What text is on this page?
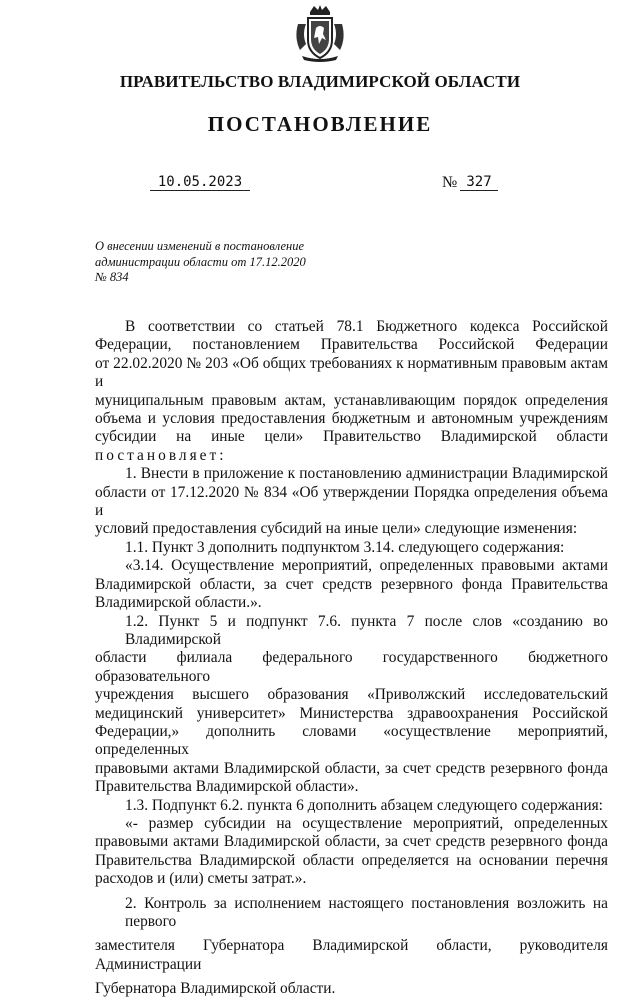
ПРАВИТЕЛЬСТВО ВЛАДИМИРСКОЙ ОБЛАСТИ
ПОСТАНОВЛЕНИЕ
10.05.2023	№ 327
О внесении изменений в постановление
администрации области от 17.12.2020
№ 834
В соответствии со статьей 78.1 Бюджетного кодекса Российской
Федерации, постановлением Правительства Российской Федерации
от 22.02.2020 № 203 «Об общих требованиях к нормативным правовым актам и
муниципальным правовым актам, устанавливающим порядок определения
объема и условия предоставления бюджетным и автономным учреждениям
субсидии на иные цели» Правительство Владимирской области
постановляет:
1. Внести в приложение к постановлению администрации Владимирской
области от 17.12.2020 № 834 «Об утверждении Порядка определения объема и
условий предоставления субсидий на иные цели» следующие изменения:
1.1. Пункт 3 дополнить подпунктом 3.14. следующего содержания:
«3.14. Осуществление мероприятий, определенных правовыми актами
Владимирской области, за счет средств резервного фонда Правительства
Владимирской области.».
1.2. Пункт 5 и подпункт 7.6. пункта 7 после слов «созданию во Владимирской
области филиала федерального государственного бюджетного образовательного
учреждения высшего образования «Приволжский исследовательский
медицинский университет» Министерства здравоохранения Российской
Федерации,» дополнить словами «осуществление мероприятий, определенных
правовыми актами Владимирской области, за счет средств резервного фонда
Правительства Владимирской области».
1.3. Подпункт 6.2. пункта 6 дополнить абзацем следующего содержания:
«- размер субсидии на осуществление мероприятий, определенных
правовыми актами Владимирской области, за счет средств резервного фонда
Правительства Владимирской области определяется на основании перечня
расходов и (или) сметы затрат.».
2. Контроль за исполнением настоящего постановления возложить на первого
заместителя Губернатора Владимирской области, руководителя Администрации
Губернатора Владимирской области.
